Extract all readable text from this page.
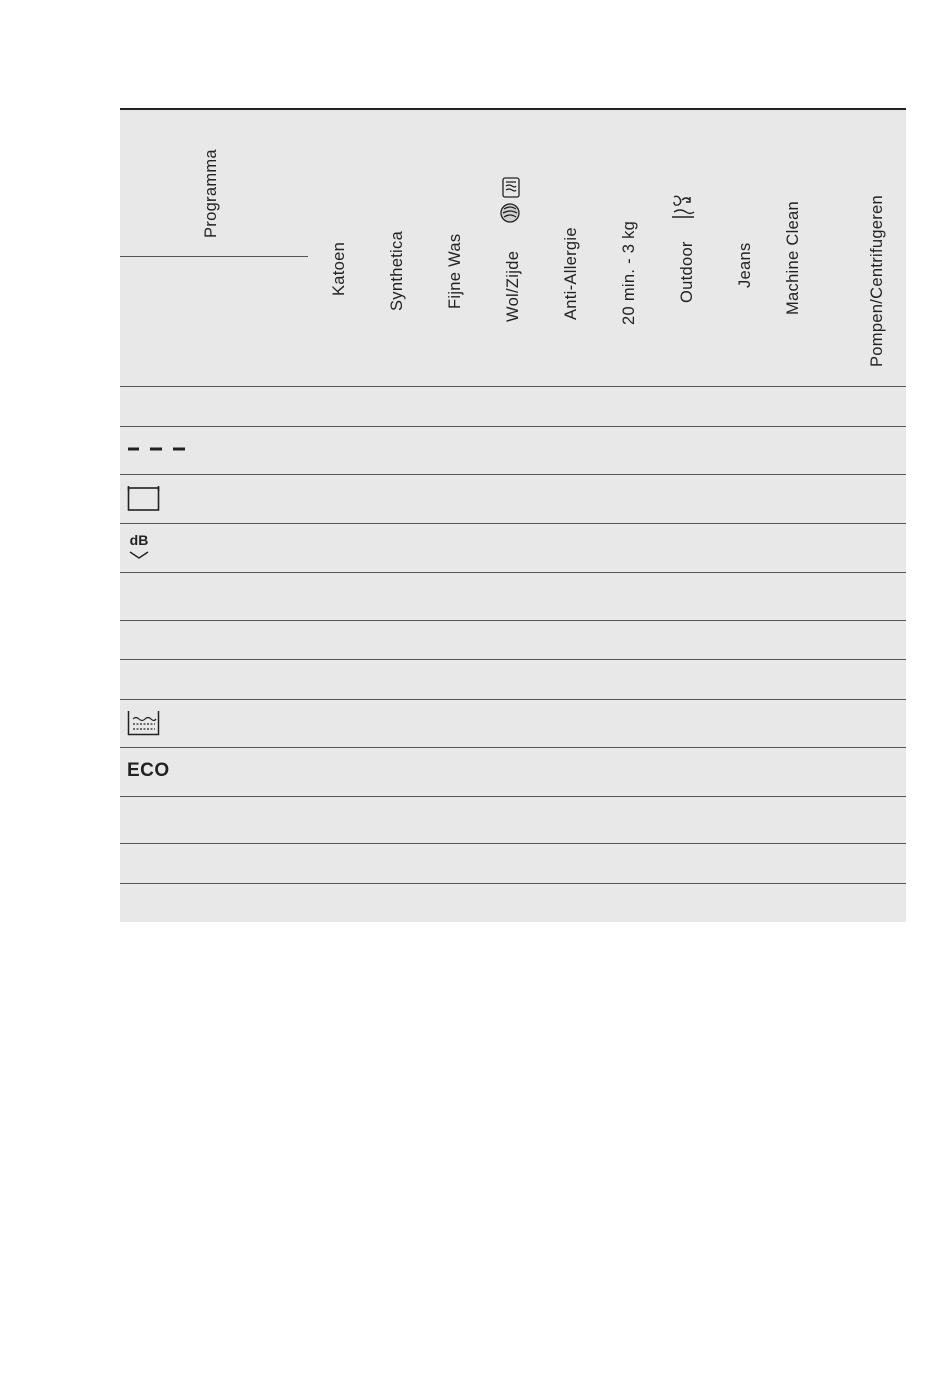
Programma
Katoen Synthetica Fijne Was Wol/Zijde Anti-Allergie 20 min. - 3 kg Outdoor Jeans Machine Clean	Pompen/Centrifugeren
dB
ECO
